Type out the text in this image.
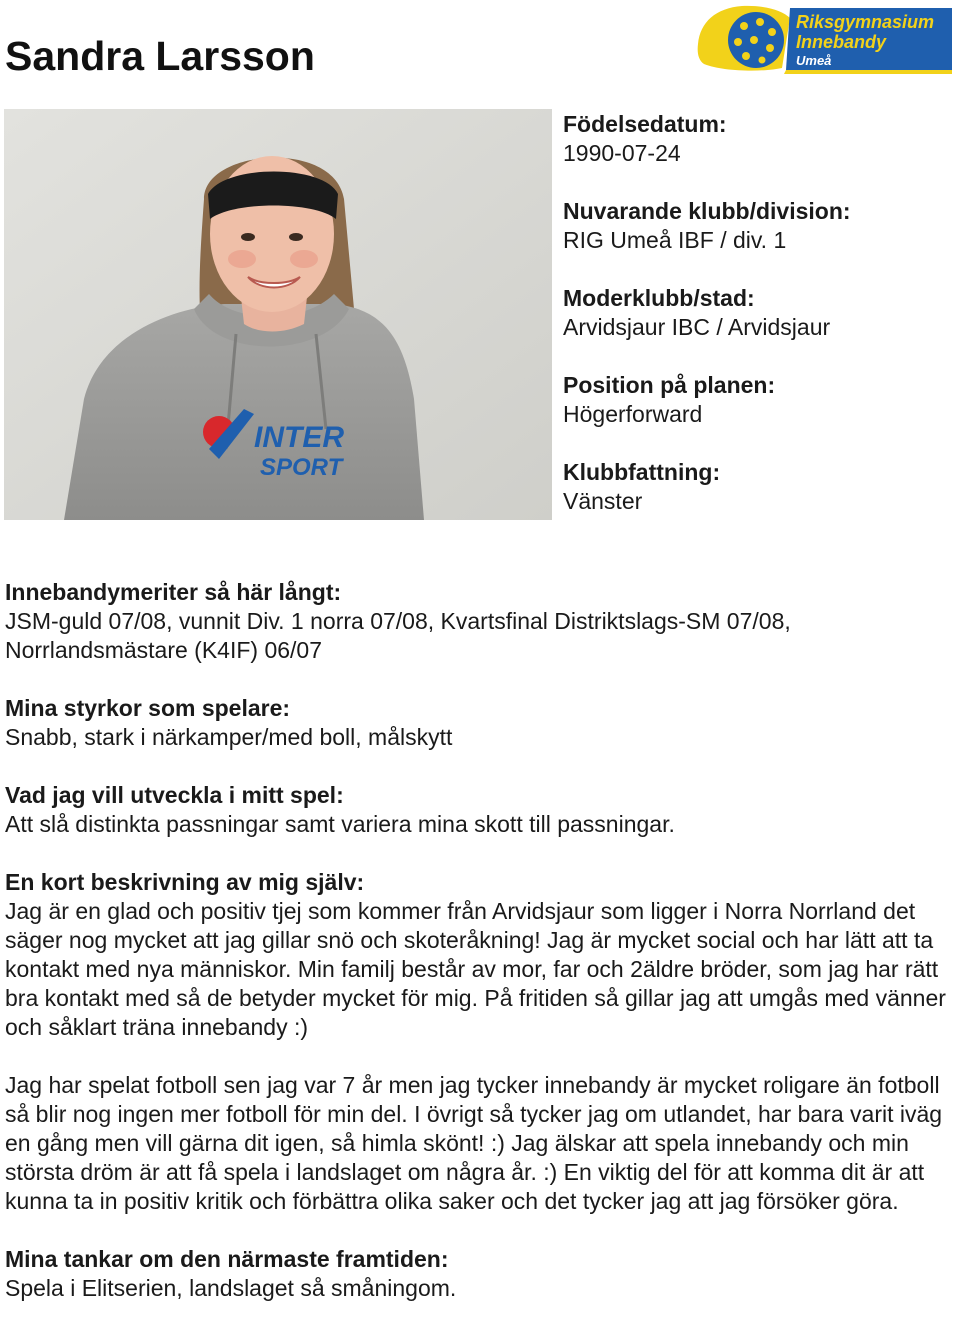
Sandra Larsson
Riksgymnasium
Innebandy
Umeå
INTER
SPORT
Födelsedatum:
1990-07-24
Nuvarande klubb/division:
RIG Umeå IBF / div. 1
Moderklubb/stad:
Arvidsjaur IBC / Arvidsjaur
Position på planen:
Högerforward
Klubbfattning:
Vänster
Innebandymeriter så här långt:
JSM-guld 07/08, vunnit Div. 1 norra 07/08, Kvartsfinal Distriktslags-SM 07/08, Norrlandsmästare (K4IF) 06/07
Mina styrkor som spelare:
Snabb, stark i närkamper/med boll, målskytt
Vad jag vill utveckla i mitt spel:
Att slå distinkta passningar samt variera mina skott till passningar.
En kort beskrivning av mig själv:
Jag är en glad och positiv tjej som kommer från Arvidsjaur som ligger i Norra Norrland det säger nog mycket att jag gillar snö och skoteråkning! Jag är mycket social och har lätt att ta kontakt med nya människor. Min familj består av mor, far och 2äldre bröder, som jag har rätt bra kontakt med så de betyder mycket för mig. På fritiden så gillar jag att umgås med vänner och såklart träna innebandy :)
Jag har spelat fotboll sen jag var 7 år men jag tycker innebandy är mycket roligare än fotboll så blir nog ingen mer fotboll för min del. I övrigt så tycker jag om utlandet, har bara varit iväg en gång men vill gärna dit igen, så himla skönt! :) Jag älskar att spela innebandy och min största dröm är att få spela i landslaget om några år. :) En viktig del för att komma dit är att kunna ta in positiv kritik och förbättra olika saker och det tycker jag att jag försöker göra.
Mina tankar om den närmaste framtiden:
Spela i Elitserien, landslaget så småningom.
